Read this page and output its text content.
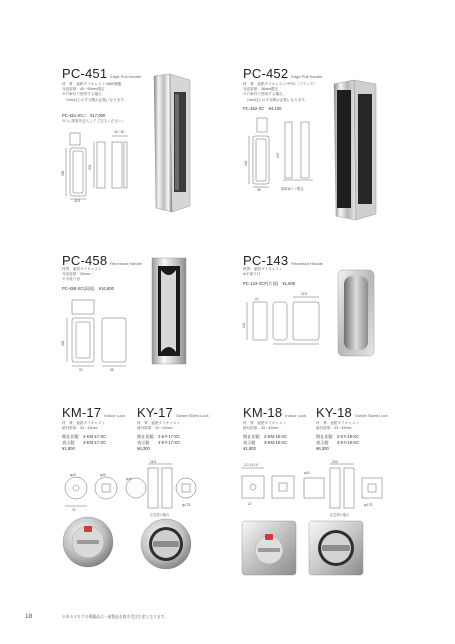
PC-451 Edge Pull Handle
材　質：亜鉛ダイキャスト+ABS樹脂
対応扉厚：40〜50mm限定
※戸車付で使用する場合、
　7mm以上のすき間が必要になります。
PC-451-XC□　¥17,000
※□に扉厚を記入してご注文ください。
306
42.5
304
40〜50
PC-452 Edge Pull Handle
材　質：亜鉛ダイキャスト+PVC（ブラック）
対応扉厚：36mm限定
※戸車付で使用する場合、
　7mm以上のすき間が必要になります。
PC-452-XC　¥4,100
140
38
145
扉厚36ミリ限定
PC-458 Recessed Handle
材質：亜鉛ダイキャスト
対応扉厚：30mm〜
※平座り付
PC-458-XC(両面)　¥16,800
206
50	58
PC-143 Recessed Handle
材質：亜鉛ダイキャスト
※平座り付
PC-143-XCF(片面)　¥1,600
143
21
42.5
KM-17 Indoor Lock
材　質：亜鉛ダイキャスト
締付扉厚：33〜42mm
間仕切錠　2-KM-17-XC
表示錠　　3-KM-17-XC
¥1,800
φ40	φ40
22
KY-17 Outset Sided Lock
材　質：亜鉛ダイキャスト
締付扉厚：33〜42mm
間仕切錠　2-KY-17-XC
表示錠　　3-KY-17-XC
¥6,300
28.5
φ40
φ4.75
住宅扉の場合
KM-18 Indoor Lock
材　質：亜鉛ダイキャスト
締付扉厚：33〜42mm
間仕切錠　2-KM-18-XC
表示錠　　3-KM-18-XC
¥1,800
1.0 24.1.0
22
KY-18 Outset Sided Lock
材　質：亜鉛ダイキャスト
締付扉厚：33〜42mm
間仕切錠　2-KY-18-XC
表示錠　　3-KY-18-XC
¥6,300
28.5
φ40
φ4.75
住宅扉の場合
18	※本カタログの掲載品は一部製品を除き受注生産となります。
